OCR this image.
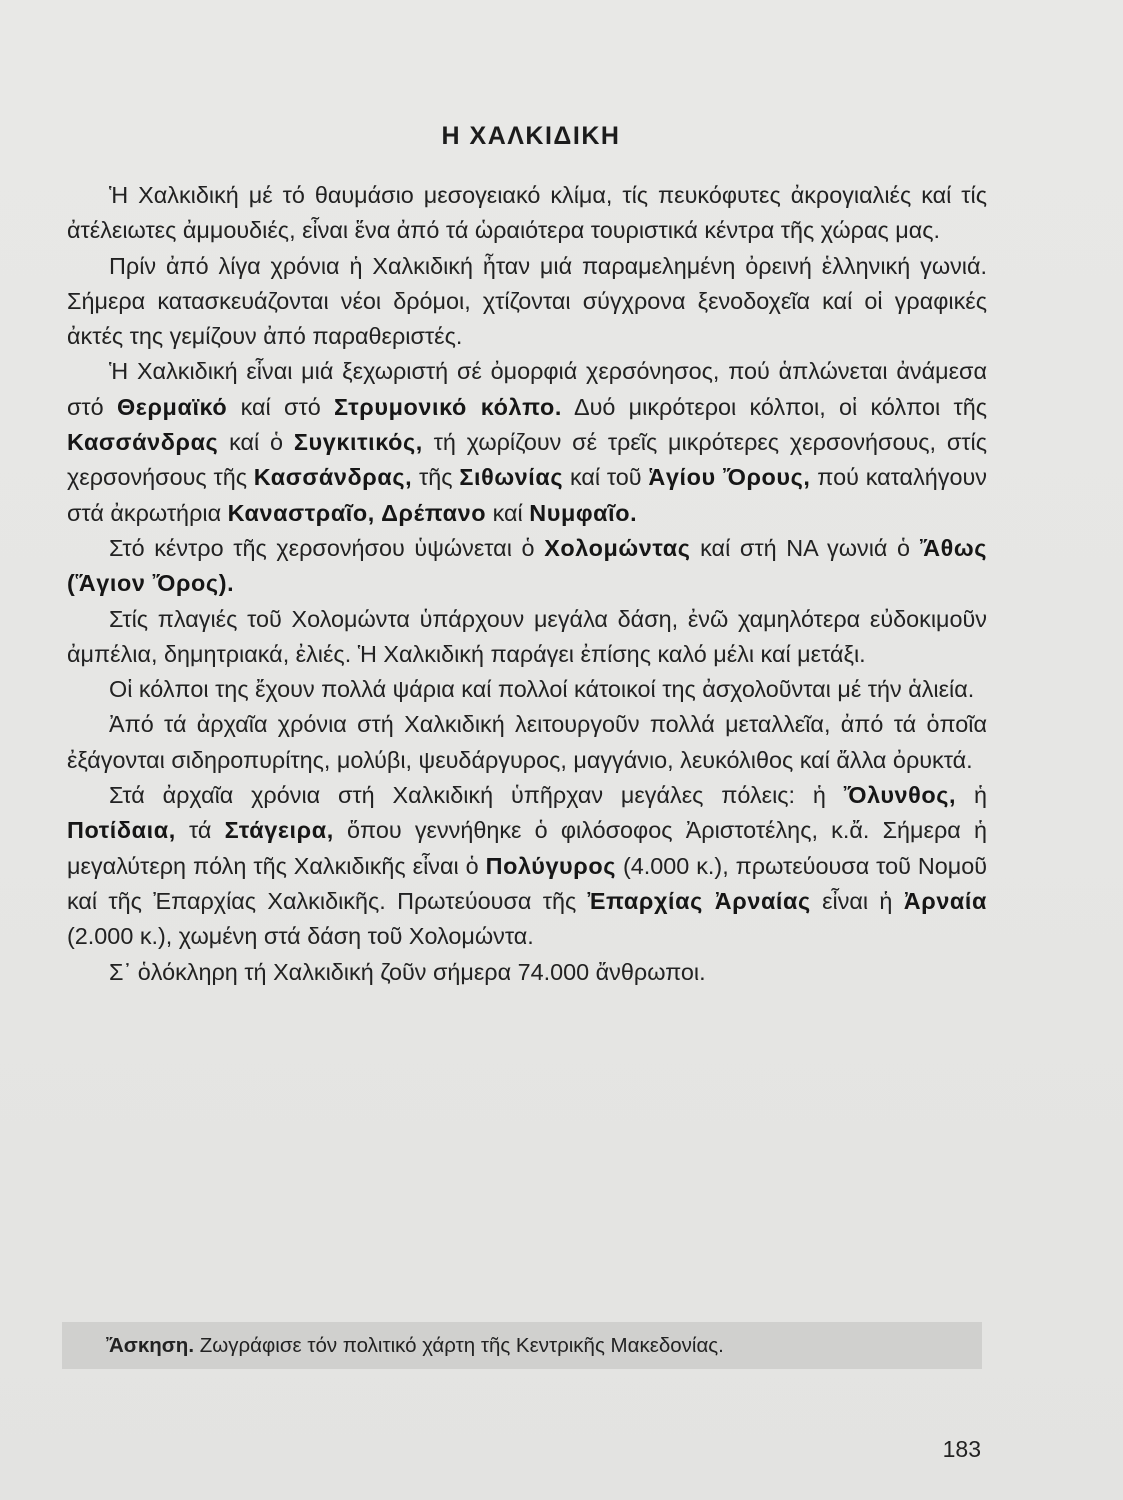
Η ΧΑΛΚΙΔΙΚΗ

Ἡ Χαλκιδική μέ τό θαυμάσιο μεσογειακό κλίμα, τίς πευκόφυτες ἀκρογιαλιές καί τίς ἀτέλειωτες ἀμμουδιές, εἶναι ἕνα ἀπό τά ὡραιότερα τουριστικά κέντρα τῆς χώρας μας.

Πρίν ἀπό λίγα χρόνια ἡ Χαλκιδική ἦταν μιά παραμελημένη ὀρεινή ἑλληνική γωνιά. Σήμερα κατασκευάζονται νέοι δρόμοι, χτίζονται σύγχρονα ξενοδοχεῖα καί οἱ γραφικές ἀκτές της γεμίζουν ἀπό παραθεριστές.

Ἡ Χαλκιδική εἶναι μιά ξεχωριστή σέ ὀμορφιά χερσόνησος, πού ἁπλώνεται ἀνάμεσα στό Θερμαϊκό καί στό Στρυμονικό κόλπο. Δυό μικρότεροι κόλποι, οἱ κόλποι τῆς Κασσάνδρας καί ὁ Συγκιτικός, τή χωρίζουν σέ τρεῖς μικρότερες χερσονήσους, στίς χερσονήσους τῆς Κασσάνδρας, τῆς Σιθωνίας καί τοῦ Ἁγίου Ὄρους, πού καταλήγουν στά ἀκρωτήρια Καναστραῖο, Δρέπανο καί Νυμφαῖο.

Στό κέντρο τῆς χερσονήσου ὑψώνεται ὁ Χολομώντας καί στή ΝΑ γωνιά ὁ Ἄθως (Ἅγιον Ὄρος).

Στίς πλαγιές τοῦ Χολομώντα ὑπάρχουν μεγάλα δάση, ἐνῶ χαμηλότερα εὐδοκιμοῦν ἀμπέλια, δημητριακά, ἐλιές. Ἡ Χαλκιδική παράγει ἐπίσης καλό μέλι καί μετάξι.

Οἱ κόλποι της ἔχουν πολλά ψάρια καί πολλοί κάτοικοί της ἀσχολοῦνται μέ τήν ἁλιεία.

Ἀπό τά ἀρχαῖα χρόνια στή Χαλκιδική λειτουργοῦν πολλά μεταλλεῖα, ἀπό τά ὁποῖα ἐξάγονται σιδηροπυρίτης, μολύβι, ψευδάργυρος, μαγγάνιο, λευκόλιθος καί ἄλλα ὀρυκτά.

Στά ἀρχαῖα χρόνια στή Χαλκιδική ὑπῆρχαν μεγάλες πόλεις: ἡ Ὄλυνθος, ἡ Ποτίδαια, τά Στάγειρα, ὅπου γεννήθηκε ὁ φιλόσοφος Ἀριστοτέλης, κ.ἄ. Σήμερα ἡ μεγαλύτερη πόλη τῆς Χαλκιδικῆς εἶναι ὁ Πολύγυρος (4.000 κ.), πρωτεύουσα τοῦ Νομοῦ καί τῆς Ἐπαρχίας Χαλκιδικῆς. Πρωτεύουσα τῆς Ἐπαρχίας Ἀρναίας εἶναι ἡ Ἀρναία (2.000 κ.), χωμένη στά δάση τοῦ Χολομώντα.

Σ᾿ ὁλόκληρη τή Χαλκιδική ζοῦν σήμερα 74.000 ἄνθρωποι.

Ἄσκηση. Ζωγράφισε τόν πολιτικό χάρτη τῆς Κεντρικῆς Μακεδονίας.
183
